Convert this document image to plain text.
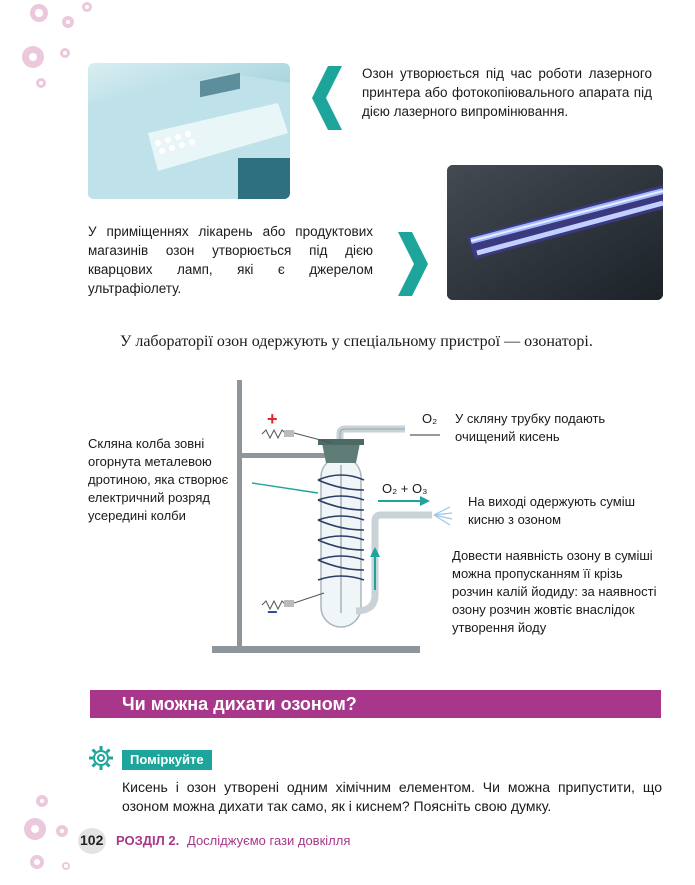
Озон утворюється під час роботи лазерного принтера або фотокопіювального апарата під дією лазерного випромінювання.
У приміщеннях лікарень або продуктових магазинів озон утворюється під дією кварцових ламп, які є джерелом ультрафіолету.
У лабораторії озон одержують у спеціальному пристрої — озонаторі.
+
−
O₂
O₂ + O₃
Скляна колба зовні огорнута металевою дротиною, яка створює електричний розряд усередині колби
У скляну трубку подають очищений кисень
На виході одержують суміш кисню з озоном
Довести наявність озону в суміші можна пропусканням її крізь розчин калій йодиду: за наявності озону розчин жовтіє внаслідок утворення йоду
Чи можна дихати озоном?
Поміркуйте
Кисень і озон утворені одним хімічним елементом. Чи можна припустити, що озоном можна дихати так само, як і киснем? Поясніть свою думку.
102 РОЗДІЛ 2. Досліджуємо гази довкілля
